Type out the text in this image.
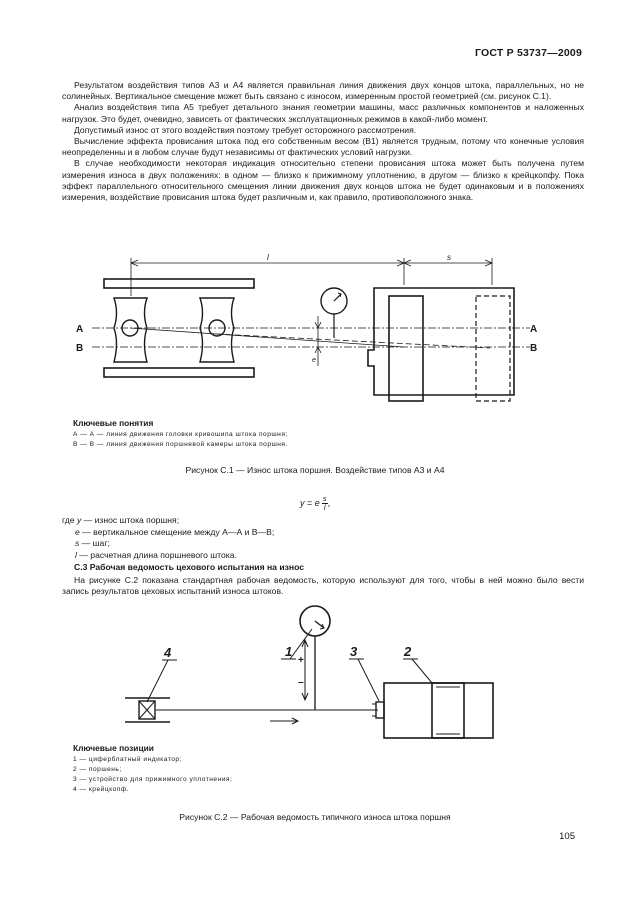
ГОСТ Р 53737—2009

Результатом воздействия типов А3 и А4 является правильная линия движения двух концов штока, параллельных, но не солинейных. Вертикальное смещение может быть связано с износом, измеренным простой геометрией (см. рисунок С.1).

Анализ воздействия типа А5 требует детального знания геометрии машины, масс различных компонентов и наложенных нагрузок. Это будет, очевидно, зависеть от фактических эксплуатационных режимов в какой-либо момент.

Допустимый износ от этого воздействия поэтому требует осторожного рассмотрения.

Вычисление эффекта провисания штока под его собственным весом (В1) является трудным, потому что конечные условия неопределенны и в любом случае будут независимы от фактических условий нагрузки.

В случае необходимости некоторая индикация относительно степени провисания штока может быть получена путем измерения износа в двух положениях: в одном — близко к прижимному уплотнению, в другом — близко к крейцкопфу. Пока эффект параллельного относительного смещения линии движения двух концов штока не будет одинаковым и в положениях измерения, воздействие провисания штока будет различным и, как правило, противоположного знака.

l	s
e
A
B
A
B
Ключевые понятия
А — А — линия движения головки кривошипа штока поршня;
В — В — линия движения поршневой камеры штока поршня.
Рисунок С.1 — Износ штока поршня. Воздействие типов А3 и А4
y = e $\frac{s}{l}$ ,
где y — износ штока поршня;
e — вертикальное смещение между А—А и В—В;
s — шаг;
l — расчетная длина поршневого штока.
С.3 Рабочая ведомость цехового испытания на износ

На рисунке С.2 показана стандартная рабочая ведомость, которую используют для того, чтобы в ней можно было вести запись результатов цеховых испытаний износа штоков.

1	2
3
4
+
–
Ключевые позиции
1 — циферблатный индикатор;
2 — поршень;
3 — устройство для прижимного уплотнения;
4 — крейцкопф.
Рисунок С.2 — Рабочая ведомость типичного износа штока поршня
105
